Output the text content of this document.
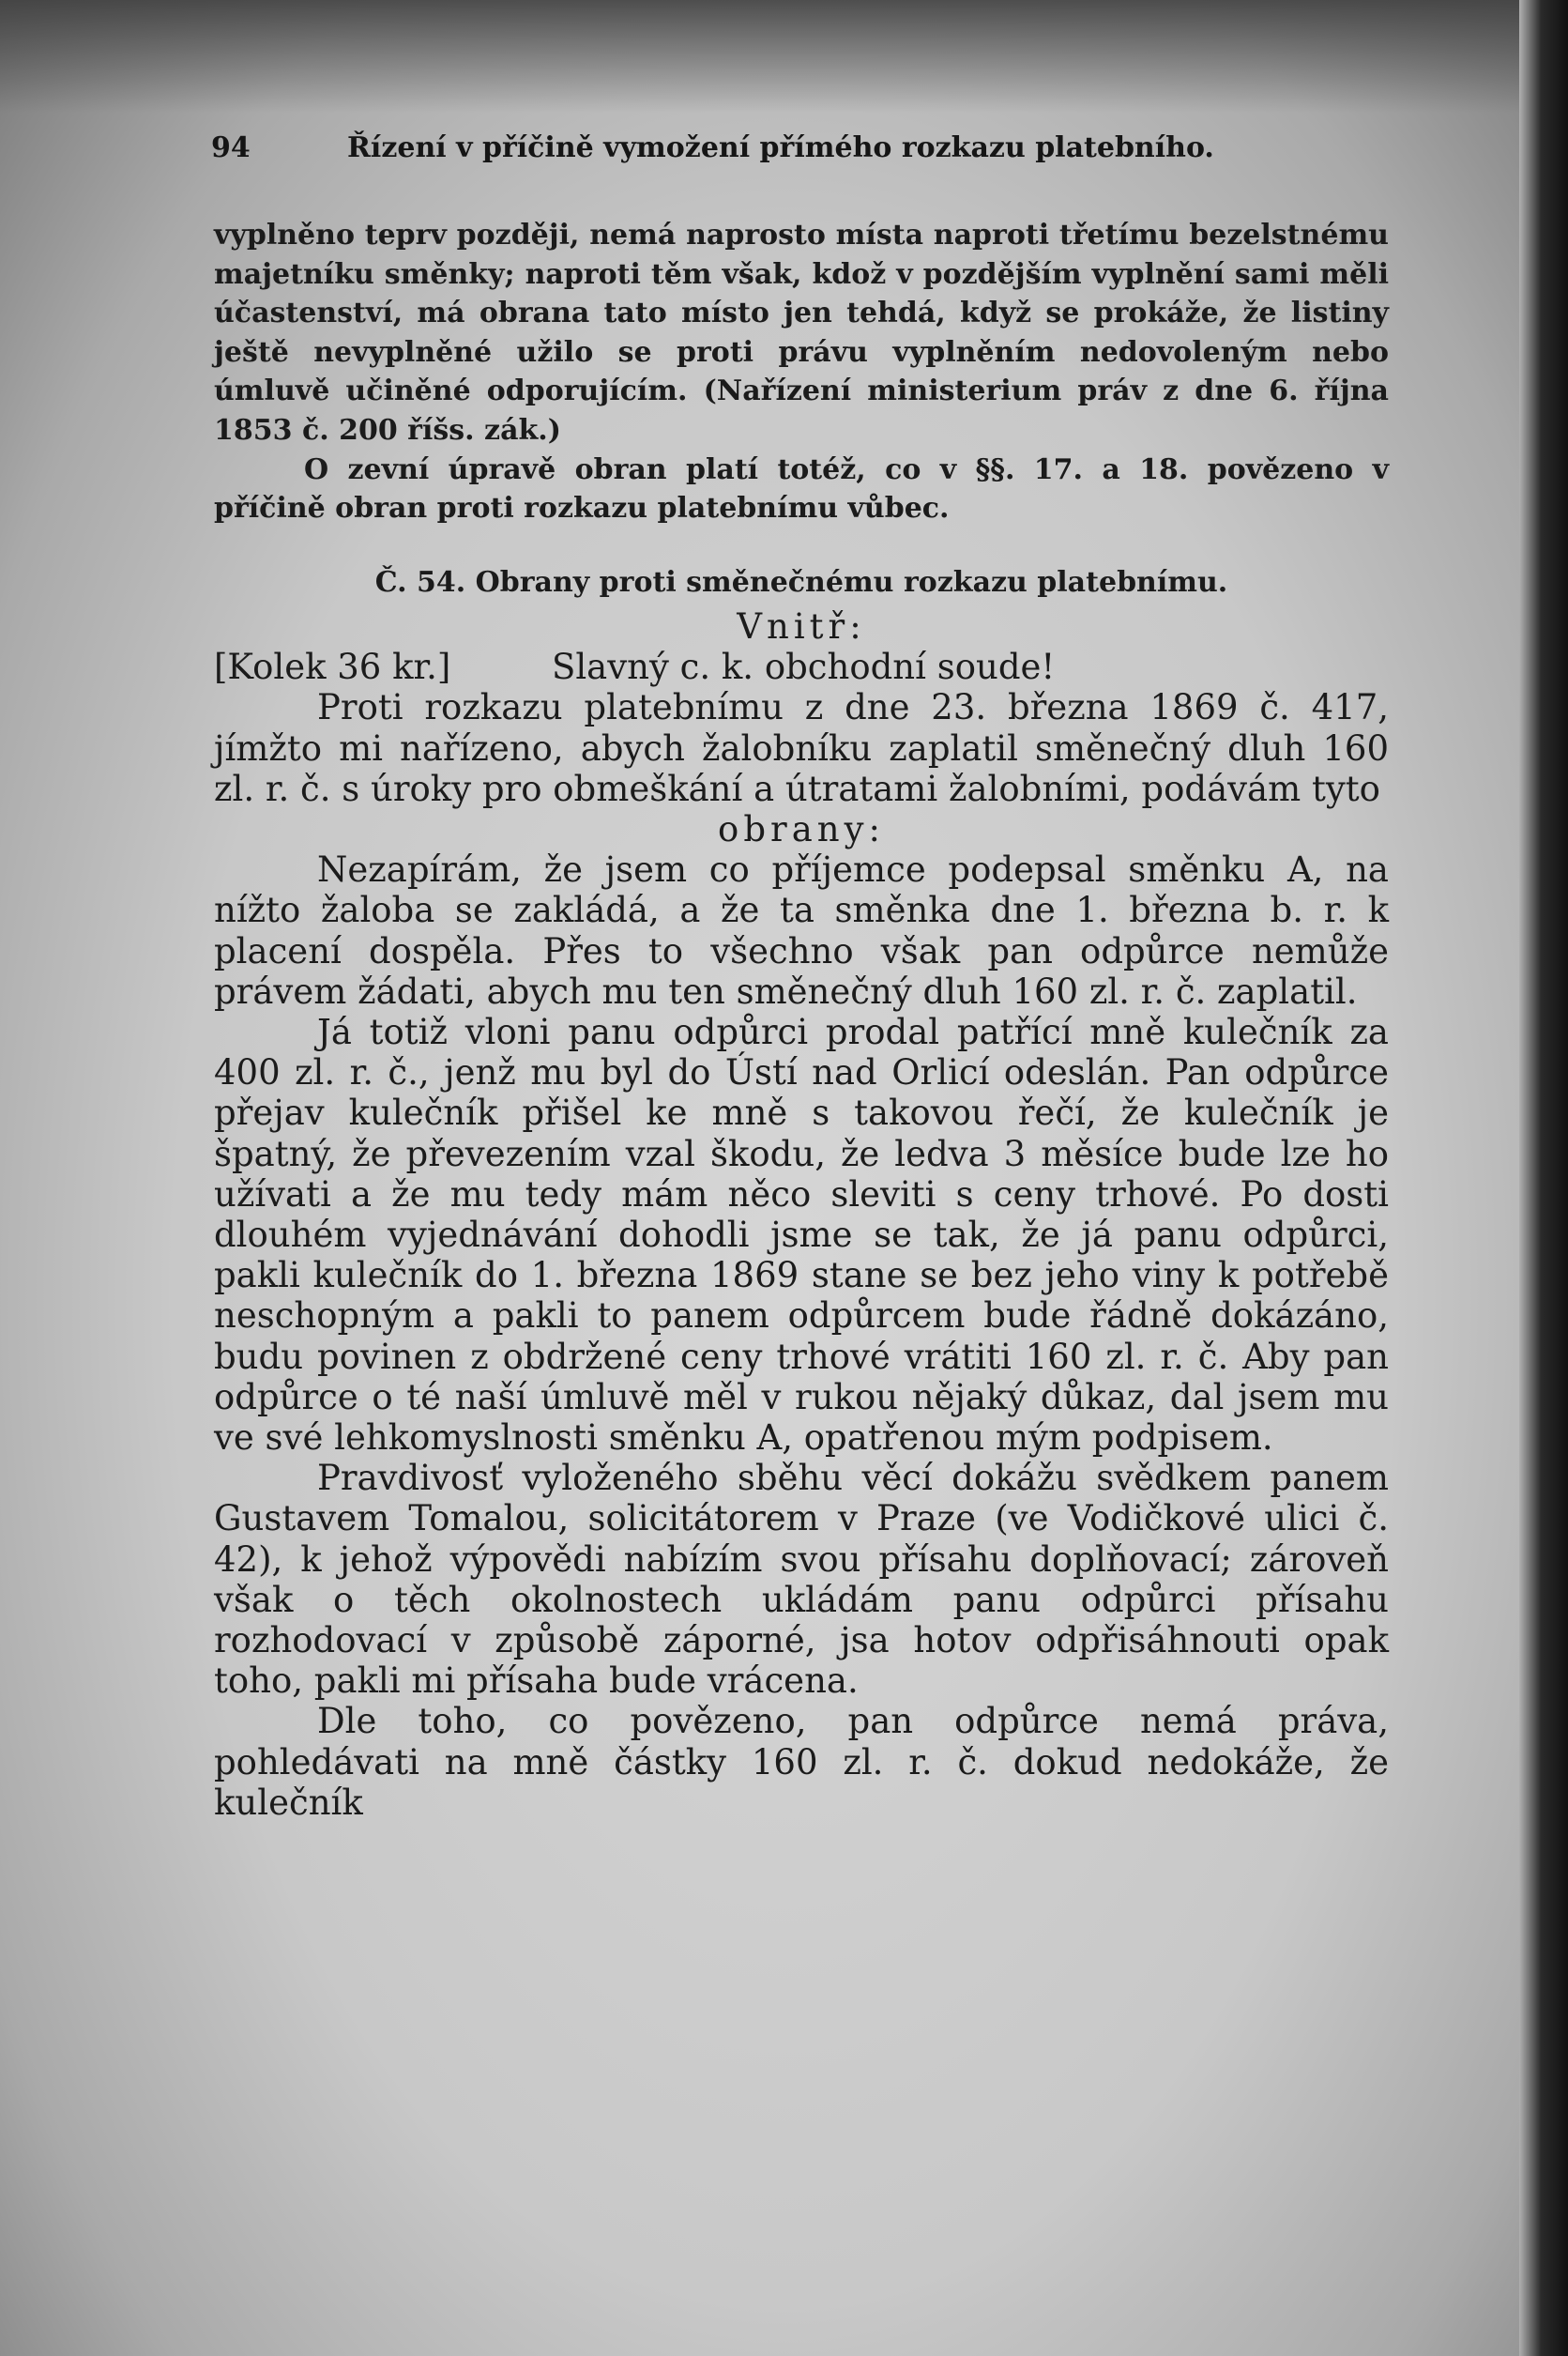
94	Řízení v příčině vymožení přímého rozkazu platebního.

vyplněno teprv později, nemá naprosto místa naproti třetímu bezelstnému majetníku směnky; naproti těm však, kdož v pozdějším vyplnění sami měli účastenství, má obrana tato místo jen tehdá, když se prokáže, že listiny ještě nevyplněné užilo se proti právu vyplněním nedovoleným nebo úmluvě učiněné odporujícím. (Nařízení ministerium práv z dne 6. října 1853 č. 200 říšs. zák.)

O zevní úpravě obran platí totéž, co v §§. 17. a 18. povězeno v příčině obran proti rozkazu platebnímu vůbec.

Č. 54. Obrany proti směnečnému rozkazu platebnímu.
Vnitř:
[Kolek 36 kr.]	Slavný c. k. obchodní soude!

Proti rozkazu platebnímu z dne 23. března 1869 č. 417, jímžto mi nařízeno, abych žalobníku zaplatil směnečný dluh 160 zl. r. č. s úroky pro obmeškání a útratami žalobními, podávám tyto

obrany:

Nezapírám, že jsem co příjemce podepsal směnku A, na nížto žaloba se zakládá, a že ta směnka dne 1. března b. r. k placení dospěla. Přes to všechno však pan odpůrce nemůže právem žádati, abych mu ten směnečný dluh 160 zl. r. č. zaplatil.

Já totiž vloni panu odpůrci prodal patřící mně kulečník za 400 zl. r. č., jenž mu byl do Ústí nad Orlicí odeslán. Pan odpůrce přejav kulečník přišel ke mně s takovou řečí, že kulečník je špatný, že převezením vzal škodu, že ledva 3 měsíce bude lze ho užívati a že mu tedy mám něco sleviti s ceny trhové. Po dosti dlouhém vyjednávání dohodli jsme se tak, že já panu odpůrci, pakli kulečník do 1. března 1869 stane se bez jeho viny k potřebě neschopným a pakli to panem odpůrcem bude řádně dokázáno, budu povinen z obdržené ceny trhové vrátiti 160 zl. r. č. Aby pan odpůrce o té naší úmluvě měl v rukou nějaký důkaz, dal jsem mu ve své lehkomyslnosti směnku A, opatřenou mým podpisem.

Pravdivosť vyloženého sběhu věcí dokážu svědkem panem Gustavem Tomalou, solicitátorem v Praze (ve Vodičkové ulici č. 42), k jehož výpovědi nabízím svou přísahu doplňovací; zároveň však o těch okolnostech ukládám panu odpůrci přísahu rozhodovací v způsobě záporné, jsa hotov odpřisáhnouti opak toho, pakli mi přísaha bude vrácena.

Dle toho, co povězeno, pan odpůrce nemá práva, pohledávati na mně částky 160 zl. r. č. dokud nedokáže, že kulečník
